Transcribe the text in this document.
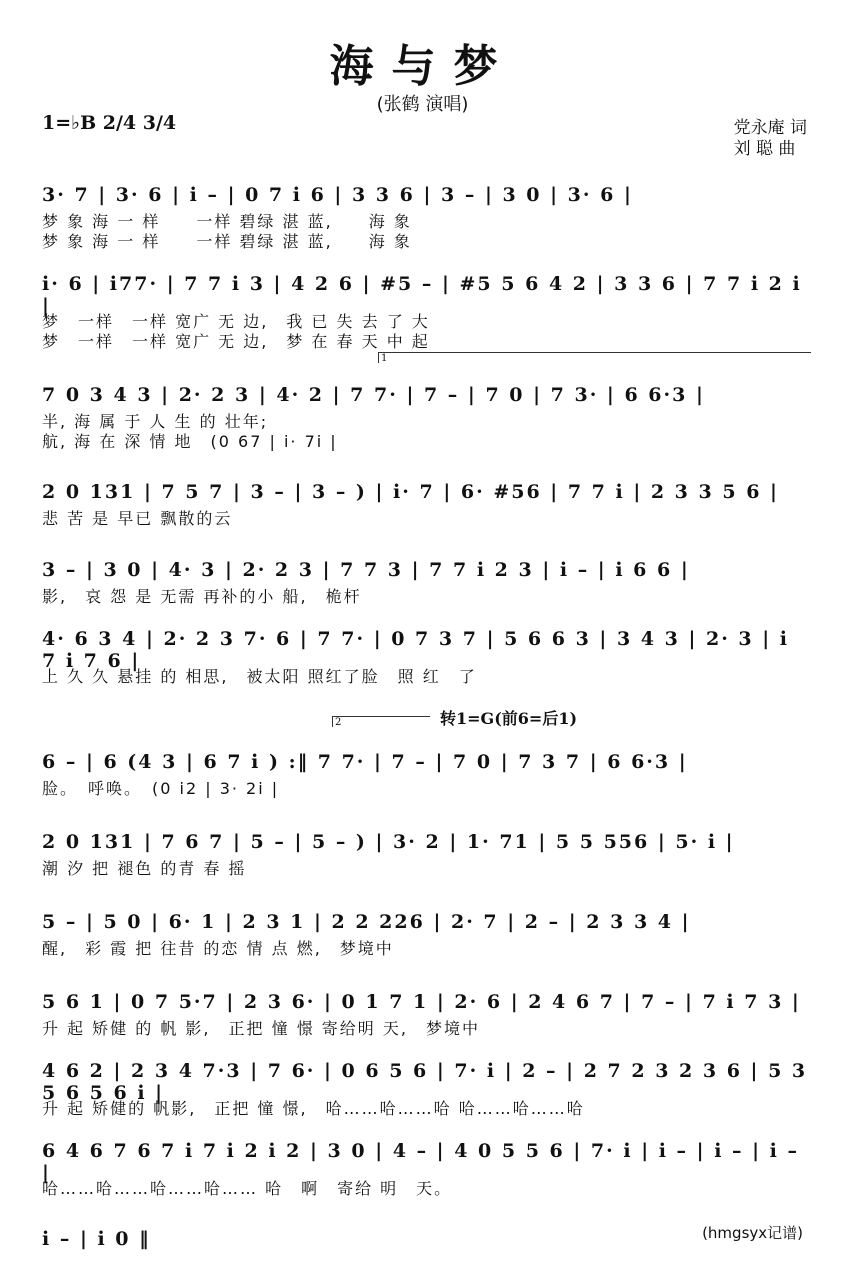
海与梦
(张鹤 演唱)
1=♭B 2/4 3/4	党永庵 词
刘 聪 曲
1
2	转1=G(前6=后1)
3· 7 | 3· 6 | i – | 0 7 i 6 | 3 3 6 | 3 – | 3 0 | 3· 6 |
梦 象 海 一 样　　一样 碧绿 湛 蓝,　　海 象
梦 象 海 一 样　　一样 碧绿 湛 蓝,　　海 象
i· 6 | i77· | 7 7 i 3 | 4 2 6 | #5 – | #5 5 6 4 2 | 3 3 6 | 7 7 i 2 i |
梦　一样　一样 宽广 无 边,　我 已 失 去 了 大
梦　一样　一样 宽广 无 边,　梦 在 春 天 中 起
7 0 3 4 3 | 2· 2 3 | 4· 2 | 7 7· | 7 – | 7 0 | 7 3· | 6 6·3 |
半, 海 属 于 人 生 的 壮年;
航, 海 在 深 情 地　(0 67 | i· 7i |
2 0 131 | 7 5 7 | 3 – | 3 – ) | i· 7 | 6· #56 | 7 7 i | 2 3 3 5 6 |
悲 苦 是 早已 飘散的云
3 – | 3 0 | 4· 3 | 2· 2 3 | 7 7 3 | 7 7 i 2 3 | i – | i 6 6 |
影,　哀 怨 是 无需 再补的小 船,　桅杆
4· 6 3 4 | 2· 2 3 7· 6 | 7 7· | 0 7 3 7 | 5 6 6 3 | 3 4 3 | 2· 3 | i 7 i 7 6 |
上 久 久 悬挂 的 相思,　被太阳 照红了脸　照 红　了
6 – | 6 (4 3 | 6 7 i ) :‖ 7 7· | 7 – | 7 0 | 7 3 7 | 6 6·3 |
脸。　呼唤。　(0 i2 | 3· 2i |
2 0 131 | 7 6 7 | 5 – | 5 – ) | 3· 2 | 1· 71 | 5 5 556 | 5· i |
潮 汐 把 褪色 的青 春 摇
5 – | 5 0 | 6· 1 | 2 3 1 | 2 2 226 | 2· 7 | 2 – | 2 3 3 4 |
醒,　彩 霞 把 往昔 的恋 情 点 燃,　梦境中
5 6 1 | 0 7 5·7 | 2 3 6· | 0 1 7 1 | 2· 6 | 2 4 6 7 | 7 – | 7 i 7 3 |
升 起 矫健 的 帆 影,　正把 憧 憬 寄给明 天,　梦境中
4 6 2 | 2 3 4 7·3 | 7 6· | 0 6 5 6 | 7· i | 2 – | 2 7 2 3 2 3 6 | 5 3 5 6 5 6 i |
升 起 矫健的 帆影,　正把 憧 憬,　哈……哈……哈 哈……哈……哈
6 4 6 7 6 7 i 7 i 2 i 2 | 3 0 | 4 – | 4 0 5 5 6 | 7· i | i – | i – | i – |
哈……哈……哈……哈…… 哈　啊　寄给 明　天。
i – | i 0 ‖	(hmgsyx记谱)
